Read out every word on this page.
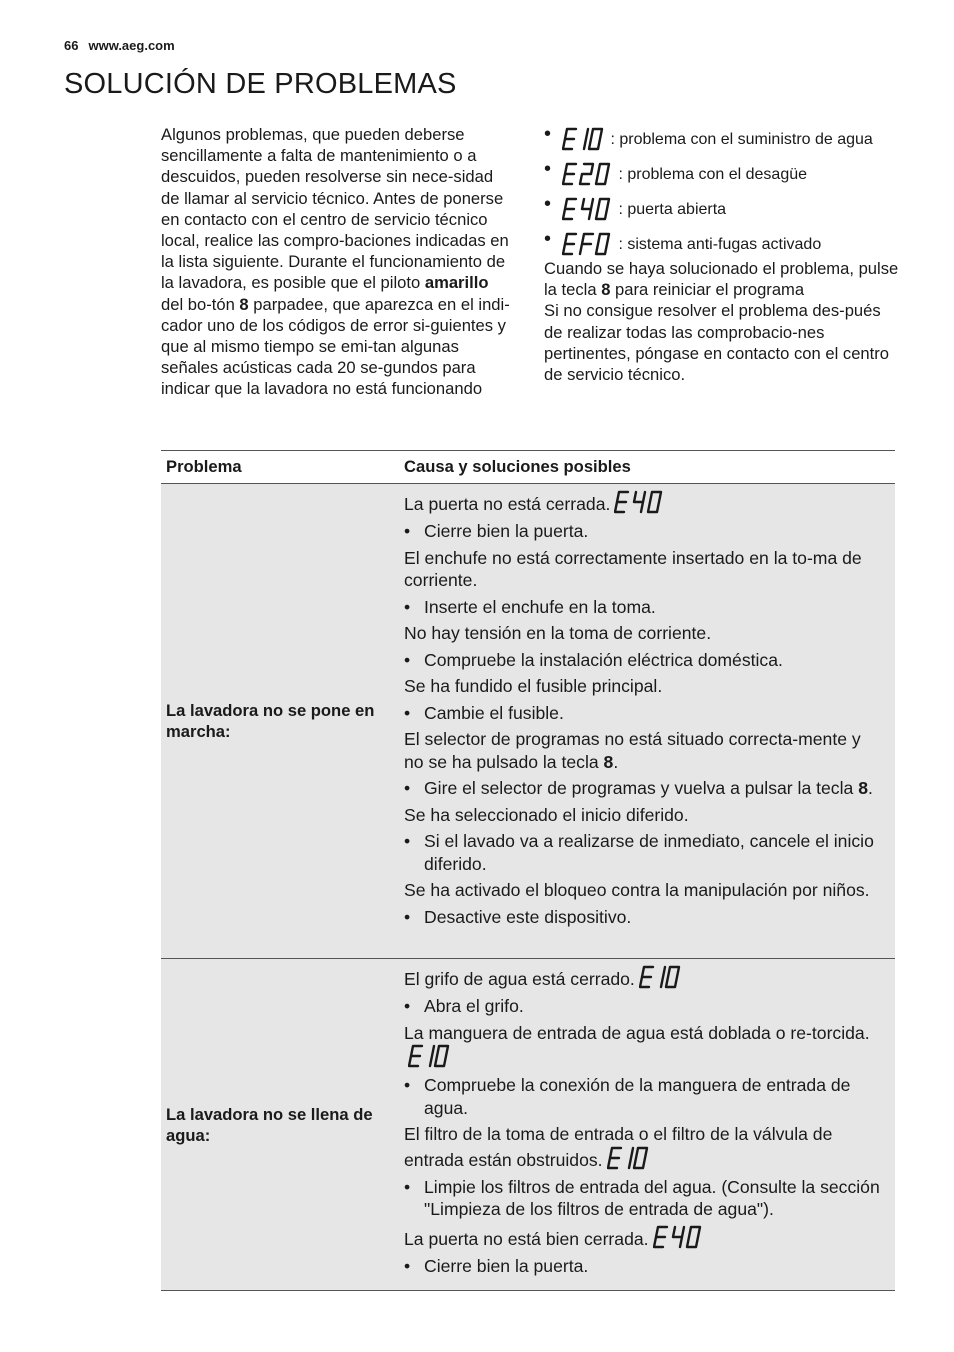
66 www.aeg.com
SOLUCIÓN DE PROBLEMAS
Algunos problemas, que pueden deberse sencillamente a falta de mantenimiento o a descuidos, pueden resolverse sin nece-sidad de llamar al servicio técnico. Antes de ponerse en contacto con el centro de servicio técnico local, realice las compro-baciones indicadas en la lista siguiente. Durante el funcionamiento de la lavadora, es posible que el piloto amarillo del bo-tón 8 parpadee, que aparezca en el indi-cador uno de los códigos de error si-guientes y que al mismo tiempo se emi-tan algunas señales acústicas cada 20 se-gundos para indicar que la lavadora no está funcionando
•	: problema con el suministro de agua
•	: problema con el desagüe
•	: puerta abierta
•	: sistema anti-fugas activado
Cuando se haya solucionado el problema, pulse la tecla 8 para reiniciar el programa
Si no consigue resolver el problema des-pués de realizar todas las comprobacio-nes pertinentes, póngase en contacto con el centro de servicio técnico.
Problema	Causa y soluciones posibles
La lavadora no se pone en marcha:
La puerta no está cerrada.
• Cierre bien la puerta.
El enchufe no está correctamente insertado en la to-ma de corriente.
• Inserte el enchufe en la toma.
No hay tensión en la toma de corriente.
• Compruebe la instalación eléctrica doméstica.
Se ha fundido el fusible principal.
• Cambie el fusible.
El selector de programas no está situado correcta-mente y no se ha pulsado la tecla 8.
• Gire el selector de programas y vuelva a pulsar la tecla 8.
Se ha seleccionado el inicio diferido.
• Si el lavado va a realizarse de inmediato, cancele el inicio diferido.
Se ha activado el bloqueo contra la manipulación por niños.
• Desactive este dispositivo.
La lavadora no se llena de agua:
El grifo de agua está cerrado.
• Abra el grifo.
La manguera de entrada de agua está doblada o re-torcida.
• Compruebe la conexión de la manguera de entrada de agua.
El filtro de la toma de entrada o el filtro de la válvula de entrada están obstruidos.
• Limpie los filtros de entrada del agua. (Consulte la sección "Limpieza de los filtros de entrada de agua").
La puerta no está bien cerrada.
• Cierre bien la puerta.
